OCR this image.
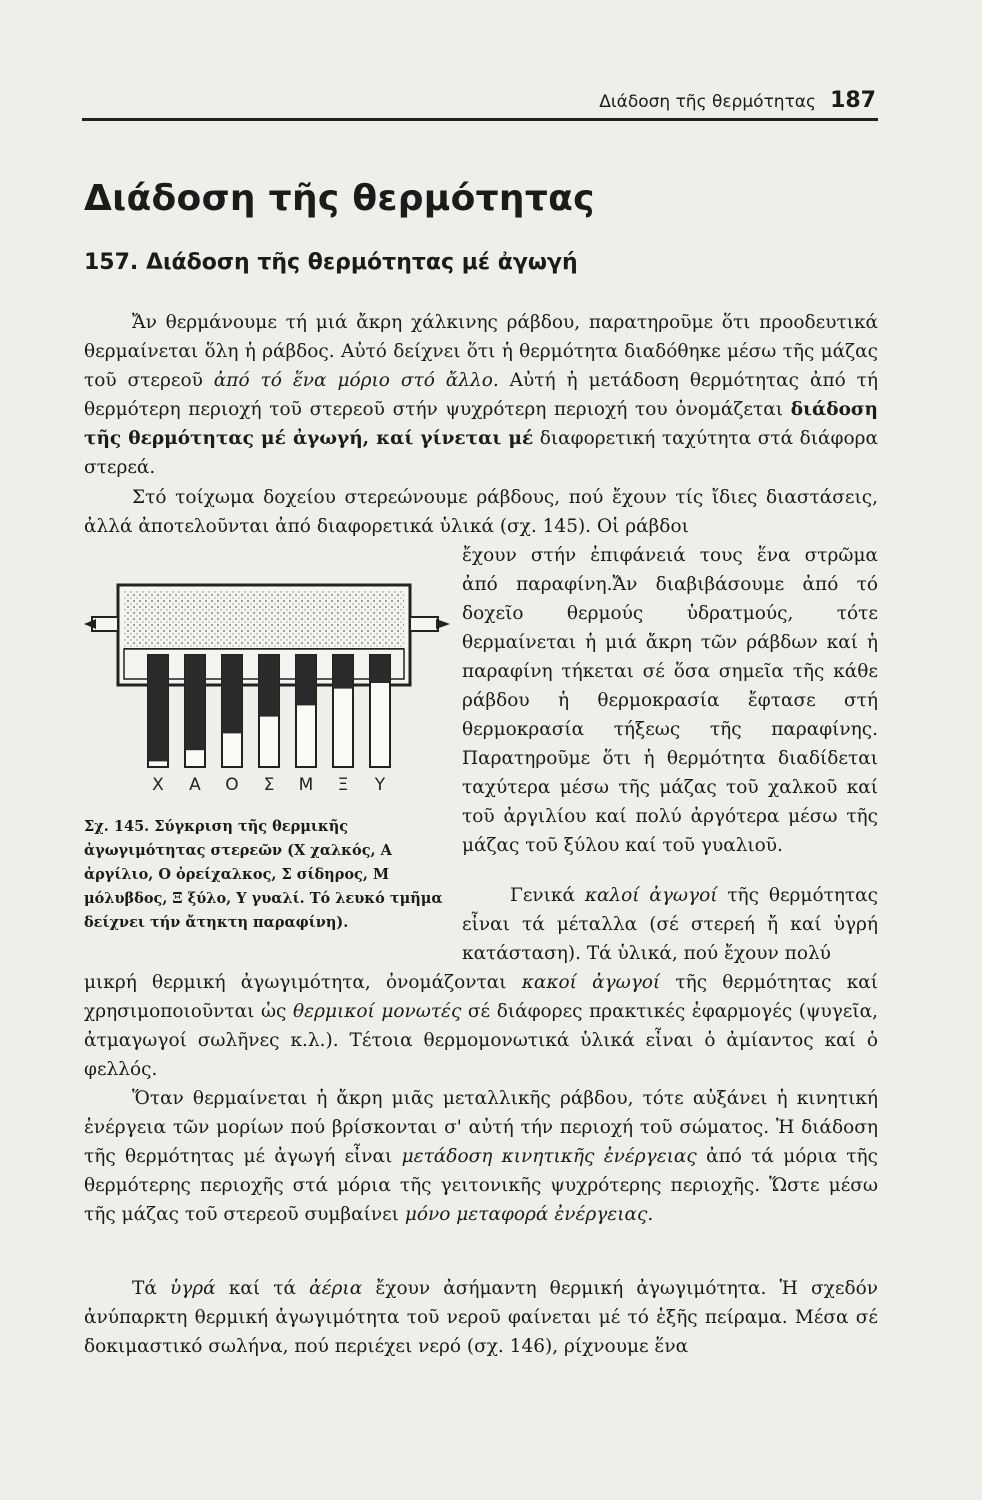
Διάδοση τῆς θερμότητας 187
Διάδοση τῆς θερμότητας
157. Διάδοση τῆς θερμότητας μέ ἀγωγή

Ἄν θερμάνουμε τή μιά ἄκρη χάλκινης ράβδου, παρατηροῦμε ὅτι προοδευτικά θερμαίνεται ὅλη ἡ ράβδος. Αὐτό δείχνει ὅτι ἡ θερμότητα διαδόθηκε μέσω τῆς μάζας τοῦ στερεοῦ ἀπό τό ἕνα μόριο στό ἄλλο. Αὐτή ἡ μετάδοση θερμότητας ἀπό τή θερμότερη περιοχή τοῦ στερεοῦ στήν ψυχρότερη περιοχή του ὀνομάζεται διάδοση τῆς θερμότητας μέ ἀγωγή, καί γίνεται μέ διαφορετική ταχύτητα στά διάφορα στερεά.

Στό τοίχωμα δοχείου στερεώνουμε ράβδους, πού ἔχουν τίς ἴδιες διαστάσεις, ἀλλά ἀποτελοῦνται ἀπό διαφορετικά ὑλικά (σχ. 145). Οἱ ράβδοι

ἔχουν στήν ἐπιφάνειά τους ἕνα στρῶμα ἀπό παραφίνη.Ἄν διαβιβάσουμε ἀπό τό δοχεῖο θερμούς ὑδρατμούς, τότε θερμαίνεται ἡ μιά ἄκρη τῶν ράβδων καί ἡ παραφίνη τήκεται σέ ὅσα σημεῖα τῆς κάθε ράβδου ἡ θερμοκρασία ἔφτασε στή θερμοκρασία τήξεως τῆς παραφίνης. Παρατηροῦμε ὅτι ἡ θερμότητα διαδίδεται ταχύτερα μέσω τῆς μάζας τοῦ χαλκοῦ καί τοῦ ἀργιλίου καί πολύ ἀργότερα μέσω τῆς μάζας τοῦ ξύλου καί τοῦ γυαλιοῦ.

Γενικά καλοί ἀγωγοί τῆς θερμότητας εἶναι τά μέταλλα (σέ στερεή ἤ καί ὑγρή κατάσταση). Τά ὑλικά, πού ἔχουν πολύ

μικρή θερμική ἀγωγιμότητα, ὀνομάζονται κακοί ἀγωγοί τῆς θερμότητας καί χρησιμοποιοῦνται ὡς θερμικοί μονωτές σέ διάφορες πρακτικές ἐφαρμογές (ψυγεῖα, ἀτμαγωγοί σωλῆνες κ.λ.). Τέτοια θερμομονωτικά ὑλικά εἶναι ὁ ἀμίαντος καί ὁ φελλός.

Ὅταν θερμαίνεται ἡ ἄκρη μιᾶς μεταλλικῆς ράβδου, τότε αὐξάνει ἡ κινητική ἐνέργεια τῶν μορίων πού βρίσκονται σ' αὐτή τήν περιοχή τοῦ σώματος. Ἡ διάδοση τῆς θερμότητας μέ ἀγωγή εἶναι μετάδοση κινητικῆς ἐνέργειας ἀπό τά μόρια τῆς θερμότερης περιοχῆς στά μόρια τῆς γειτονικῆς ψυχρότερης περιοχῆς. Ὥστε μέσω τῆς μάζας τοῦ στερεοῦ συμβαίνει μόνο μεταφορά ἐνέργειας.

Τά ὑγρά καί τά ἀέρια ἔχουν ἀσήμαντη θερμική ἀγωγιμότητα. Ἡ σχεδόν ἀνύπαρκτη θερμική ἀγωγιμότητα τοῦ νεροῦ φαίνεται μέ τό ἑξῆς πείραμα. Μέσα σέ δοκιμαστικό σωλήνα, πού περιέχει νερό (σχ. 146), ρίχνουμε ἕνα

Χ Α Ο Σ Μ Ξ Υ

Σχ. 145. Σύγκριση τῆς θερμικῆς ἀγωγιμότητας στερεῶν (Χ χαλκός, Α ἀργίλιο, Ο ὀρείχαλκος, Σ σίδηρος, Μ μόλυβδος, Ξ ξύλο, Υ γυαλί. Τό λευκό τμῆμα δείχνει τήν ἄτηκτη παραφίνη).
